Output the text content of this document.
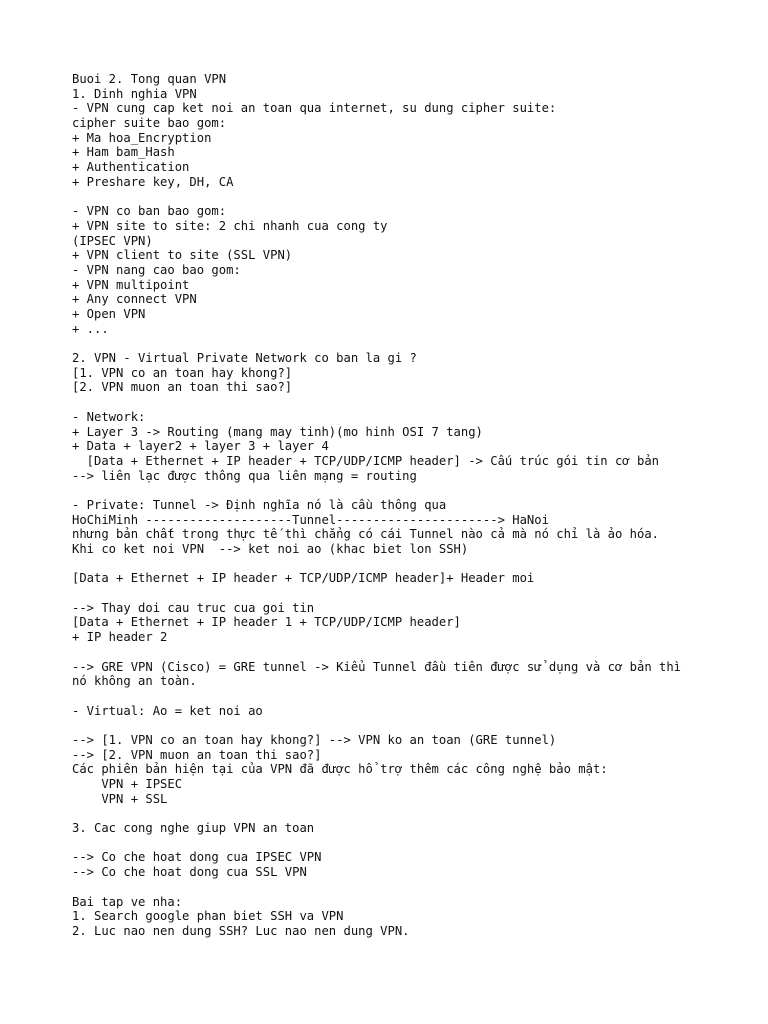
Buoi 2. Tong quan VPN
1. Dinh nghia VPN
- VPN cung cap ket noi an toan qua internet, su dung cipher suite:
cipher suite bao gom:
+ Ma hoa_Encryption
+ Ham bam_Hash
+ Authentication
+ Preshare key, DH, CA
- VPN co ban bao gom:
+ VPN site to site: 2 chi nhanh cua cong ty
(IPSEC VPN)
+ VPN client to site (SSL VPN)
- VPN nang cao bao gom:
+ VPN multipoint
+ Any connect VPN
+ Open VPN
+ ...
2. VPN - Virtual Private Network co ban la gi ?
[1. VPN co an toan hay khong?]
[2. VPN muon an toan thi sao?]
- Network:
+ Layer 3 -> Routing (mang may tinh)(mo hinh OSI 7 tang)
+ Data + layer2 + layer 3 + layer 4
[Data + Ethernet + IP header + TCP/UDP/ICMP header] -> Cấu trúc gói tin cơ bản
--> liên lạc được thông qua liên mạng = routing
- Private: Tunnel -> Định nghĩa nó là cầu thông qua
HoChiMinh --------------------Tunnel----------------------> HaNoi
nhưng bản chất trong thực tế thì chẳng có cái Tunnel nào cả mà nó chỉ là ảo hóa.
Khi co ket noi VPN  --> ket noi ao (khac biet lon SSH)
[Data + Ethernet + IP header + TCP/UDP/ICMP header]+ Header moi
--> Thay doi cau truc cua goi tin
[Data + Ethernet + IP header 1 + TCP/UDP/ICMP header]
+ IP header 2
--> GRE VPN (Cisco) = GRE tunnel -> Kiểu Tunnel đầu tiên được sử dụng và cơ bản thì
nó không an toàn.
- Virtual: Ao = ket noi ao
--> [1. VPN co an toan hay khong?] --> VPN ko an toan (GRE tunnel)
--> [2. VPN muon an toan thi sao?]
Các phiên bản hiện tại của VPN đã được hổ trợ thêm các công nghệ bảo mật:
VPN + IPSEC
VPN + SSL
3. Cac cong nghe giup VPN an toan
--> Co che hoat dong cua IPSEC VPN
--> Co che hoat dong cua SSL VPN
Bai tap ve nha:
1. Search google phan biet SSH va VPN
2. Luc nao nen dung SSH? Luc nao nen dung VPN.
